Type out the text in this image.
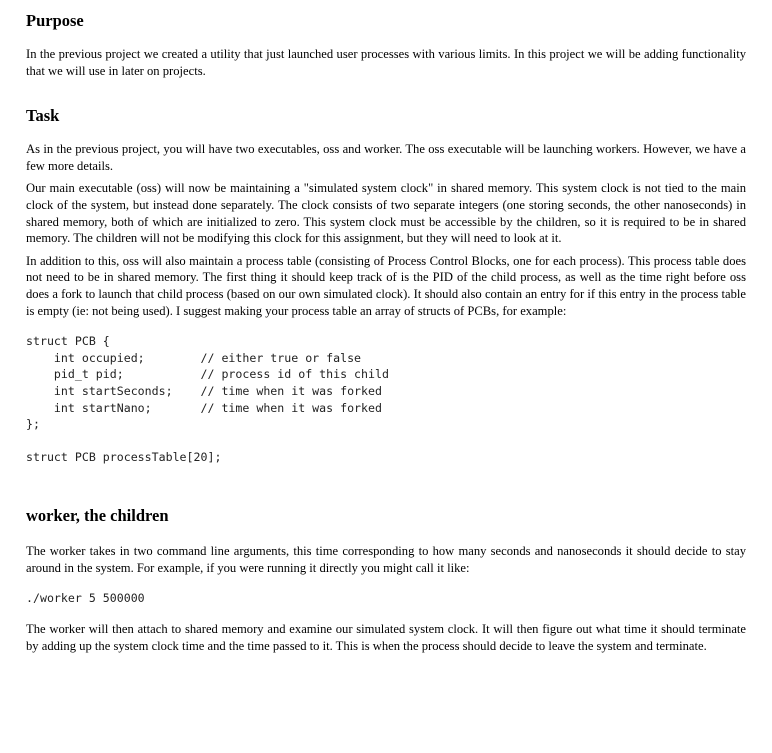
Purpose

In the previous project we created a utility that just launched user processes with various limits. In this project we will be adding functionality that we will use in later on projects.

Task

As in the previous project, you will have two executables, oss and worker. The oss executable will be launching workers. However, we have a few more details.

Our main executable (oss) will now be maintaining a "simulated system clock" in shared memory. This system clock is not tied to the main clock of the system, but instead done separately. The clock consists of two separate integers (one storing seconds, the other nanoseconds) in shared memory, both of which are initialized to zero. This system clock must be accessible by the children, so it is required to be in shared memory. The children will not be modifying this clock for this assignment, but they will need to look at it.

In addition to this, oss will also maintain a process table (consisting of Process Control Blocks, one for each process). This process table does not need to be in shared memory. The first thing it should keep track of is the PID of the child process, as well as the time right before oss does a fork to launch that child process (based on our own simulated clock). It should also contain an entry for if this entry in the process table is empty (ie: not being used). I suggest making your process table an array of structs of PCBs, for example:

struct PCB {
int occupied;        // either true or false
pid_t pid;           // process id of this child
int startSeconds;    // time when it was forked
int startNano;       // time when it was forked
};
struct PCB processTable[20];
worker, the children

The worker takes in two command line arguments, this time corresponding to how many seconds and nanoseconds it should decide to stay around in the system. For example, if you were running it directly you might call it like:

./worker 5 500000

The worker will then attach to shared memory and examine our simulated system clock. It will then figure out what time it should terminate by adding up the system clock time and the time passed to it. This is when the process should decide to leave the system and terminate.
